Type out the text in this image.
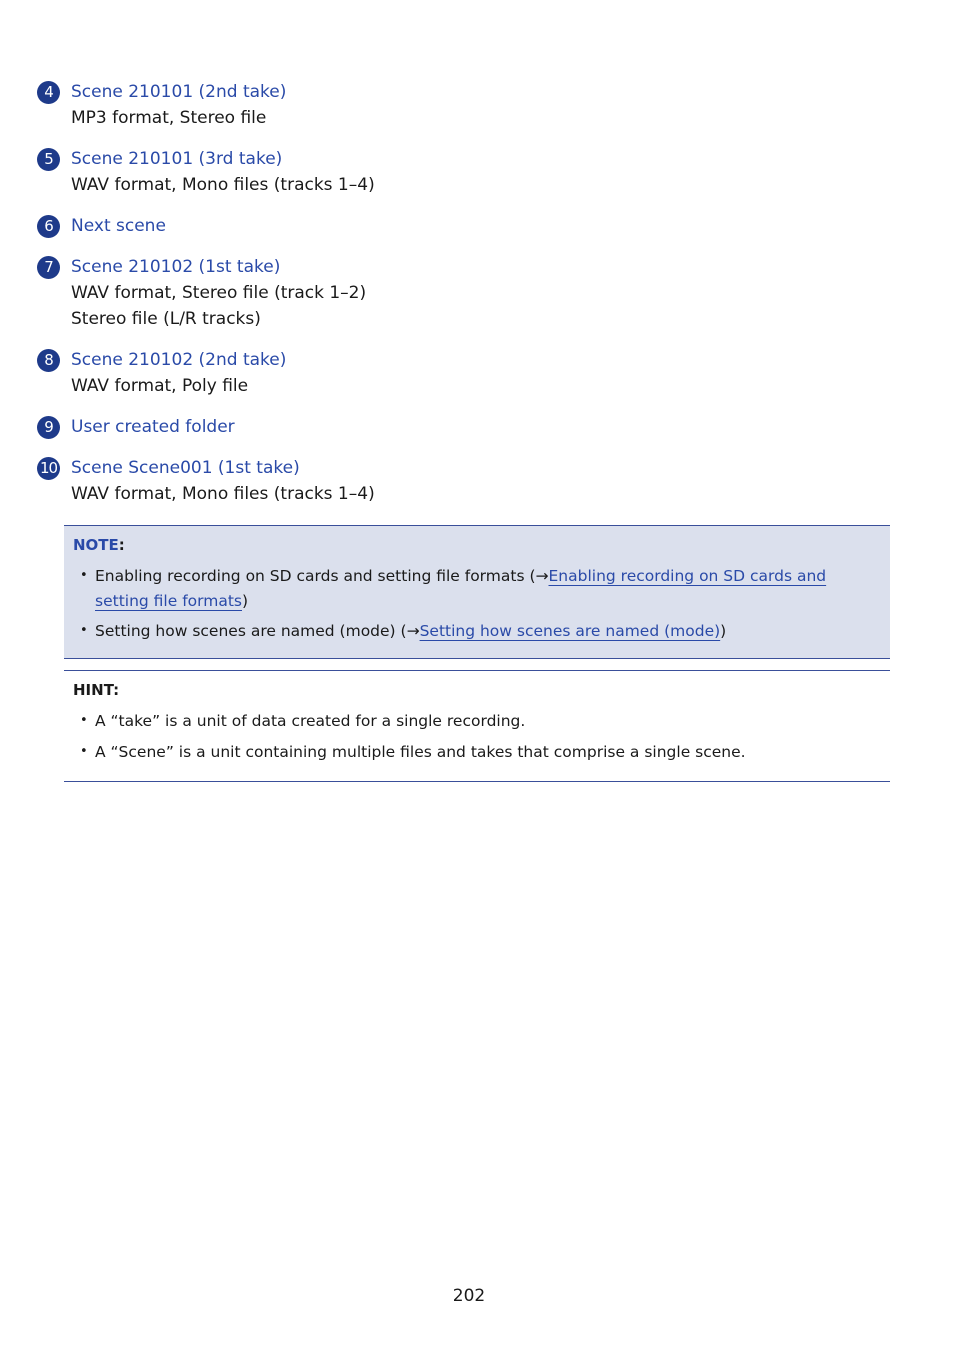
4	Scene 210101 (2nd take)
MP3 format, Stereo file
5	Scene 210101 (3rd take)
WAV format, Mono files (tracks 1–4)
6	Next scene
7	Scene 210102 (1st take)
WAV format, Stereo file (track 1–2)
Stereo file (L/R tracks)
8	Scene 210102 (2nd take)
WAV format, Poly file
9	User created folder
10 Scene Scene001 (1st take)
WAV format, Mono files (tracks 1–4)
NOTE:
• Enabling recording on SD cards and setting file formats (→Enabling recording on SD cards and setting file formats)
• Setting how scenes are named (mode) (→Setting how scenes are named (mode))
HINT:
• A “take” is a unit of data created for a single recording.
• A “Scene” is a unit containing multiple files and takes that comprise a single scene.
202
